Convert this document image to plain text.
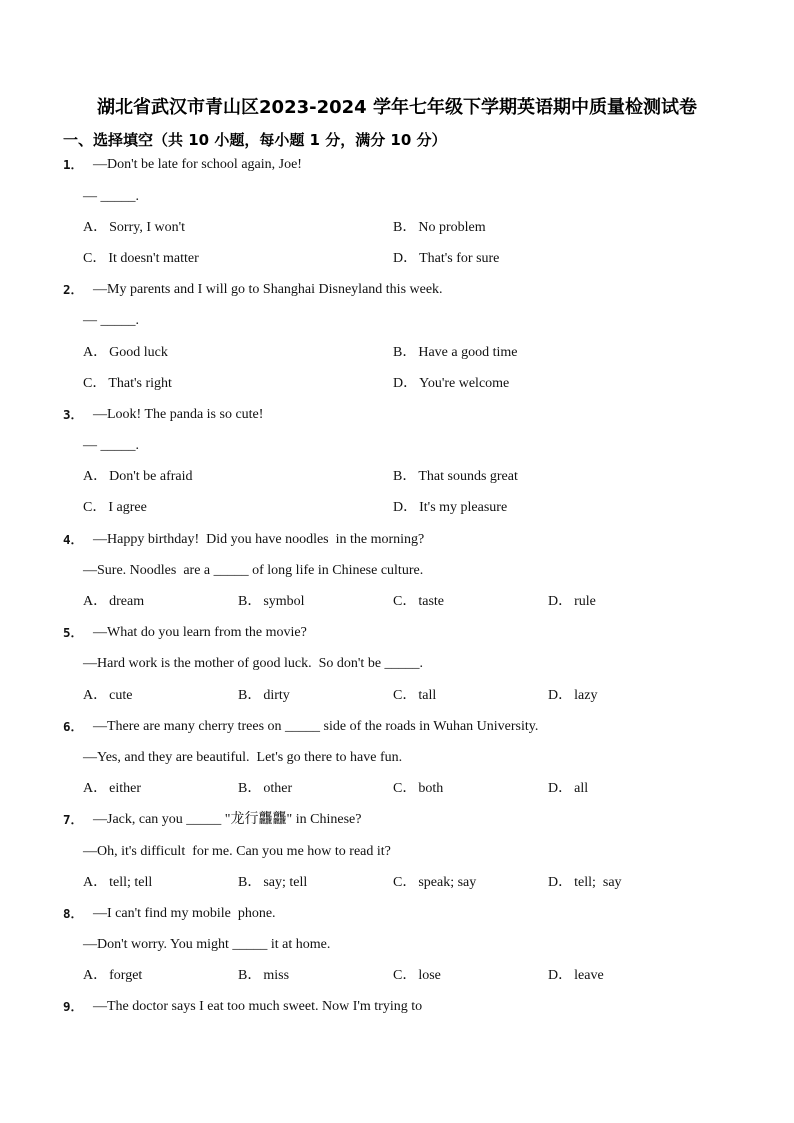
湖北省武汉市青山区2023-2024 学年七年级下学期英语期中质量检测试卷
一、选择填空（共 10 小题，每小题 1 分，满分 10 分）

1．

—Don't be late for school again, Joe!

— _____.
A． Sorry, I won't	B． No problem
C． It doesn't matter	D． That's for sure

2．

—My parents and I will go to Shanghai Disneyland this week.

— _____.
A． Good luck	B． Have a good time
C． That's right	D． You're welcome

3．

—Look! The panda is so cute!

— _____.
A． Don't be afraid	B． That sounds great
C． I agree	D． It's my pleasure

4．

—Happy birthday!  Did you have noodles  in the morning?

—Sure. Noodles  are a _____ of long life in Chinese culture.
A． dream	B． symbol	C． taste	D． rule

5．

—What do you learn from the movie?

—Hard work is the mother of good luck.  So don't be _____.
A． cute	B． dirty	C． tall	D． lazy

6．

—There are many cherry trees on _____ side of the roads in Wuhan University.

—Yes, and they are beautiful.  Let's go there to have fun.
A． either	B． other	C． both	D． all

7．

—Jack, can you _____ "龙行龘龘" in Chinese?

—Oh, it's difficult  for me. Can you me how to read it?
A． tell; tell	B． say; tell	C． speak; say	D． tell;  say

8．

—I can't find my mobile  phone.

—Don't worry. You might _____ it at home.
A． forget	B． miss	C． lose	D． leave

9．

—The doctor says I eat too much sweet. Now I'm trying to
